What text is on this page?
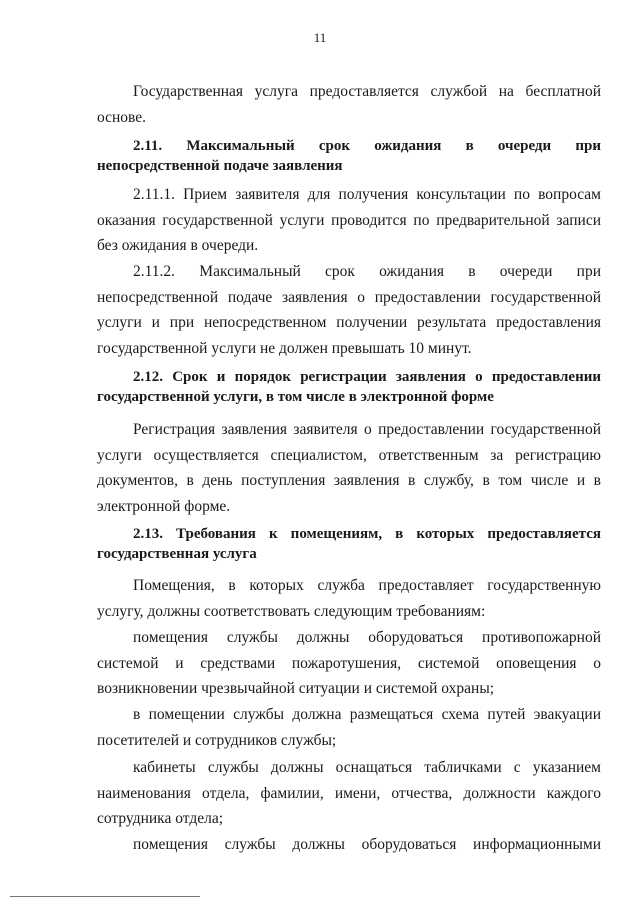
11

Государственная услуга предоставляется службой на бесплатной основе.

2.11. Максимальный срок ожидания в очереди при непосредственной подаче заявления

2.11.1. Прием заявителя для получения консультации по вопросам оказания государственной услуги проводится по предварительной записи без ожидания в очереди.

2.11.2. Максимальный срок ожидания в очереди при непосредственной подаче заявления о предоставлении государственной услуги и при непосредственном получении результата предоставления государственной услуги не должен превышать 10 минут.

2.12. Срок и порядок регистрации заявления о предоставлении государственной услуги, в том числе в электронной форме

Регистрация заявления заявителя о предоставлении государственной услуги осуществляется специалистом, ответственным за регистрацию документов, в день поступления заявления в службу, в том числе и в электронной форме.

2.13. Требования к помещениям, в которых предоставляется государственная услуга

Помещения, в которых служба предоставляет государственную услугу, должны соответствовать следующим требованиям:

помещения службы должны оборудоваться противопожарной системой и средствами пожаротушения, системой оповещения о возникновении чрезвычайной ситуации и системой охраны;

в помещении службы должна размещаться схема путей эвакуации посетителей и сотрудников службы;

кабинеты службы должны оснащаться табличками с указанием наименования отдела, фамилии, имени, отчества, должности каждого сотрудника отдела;

помещения службы должны оборудоваться информационными
